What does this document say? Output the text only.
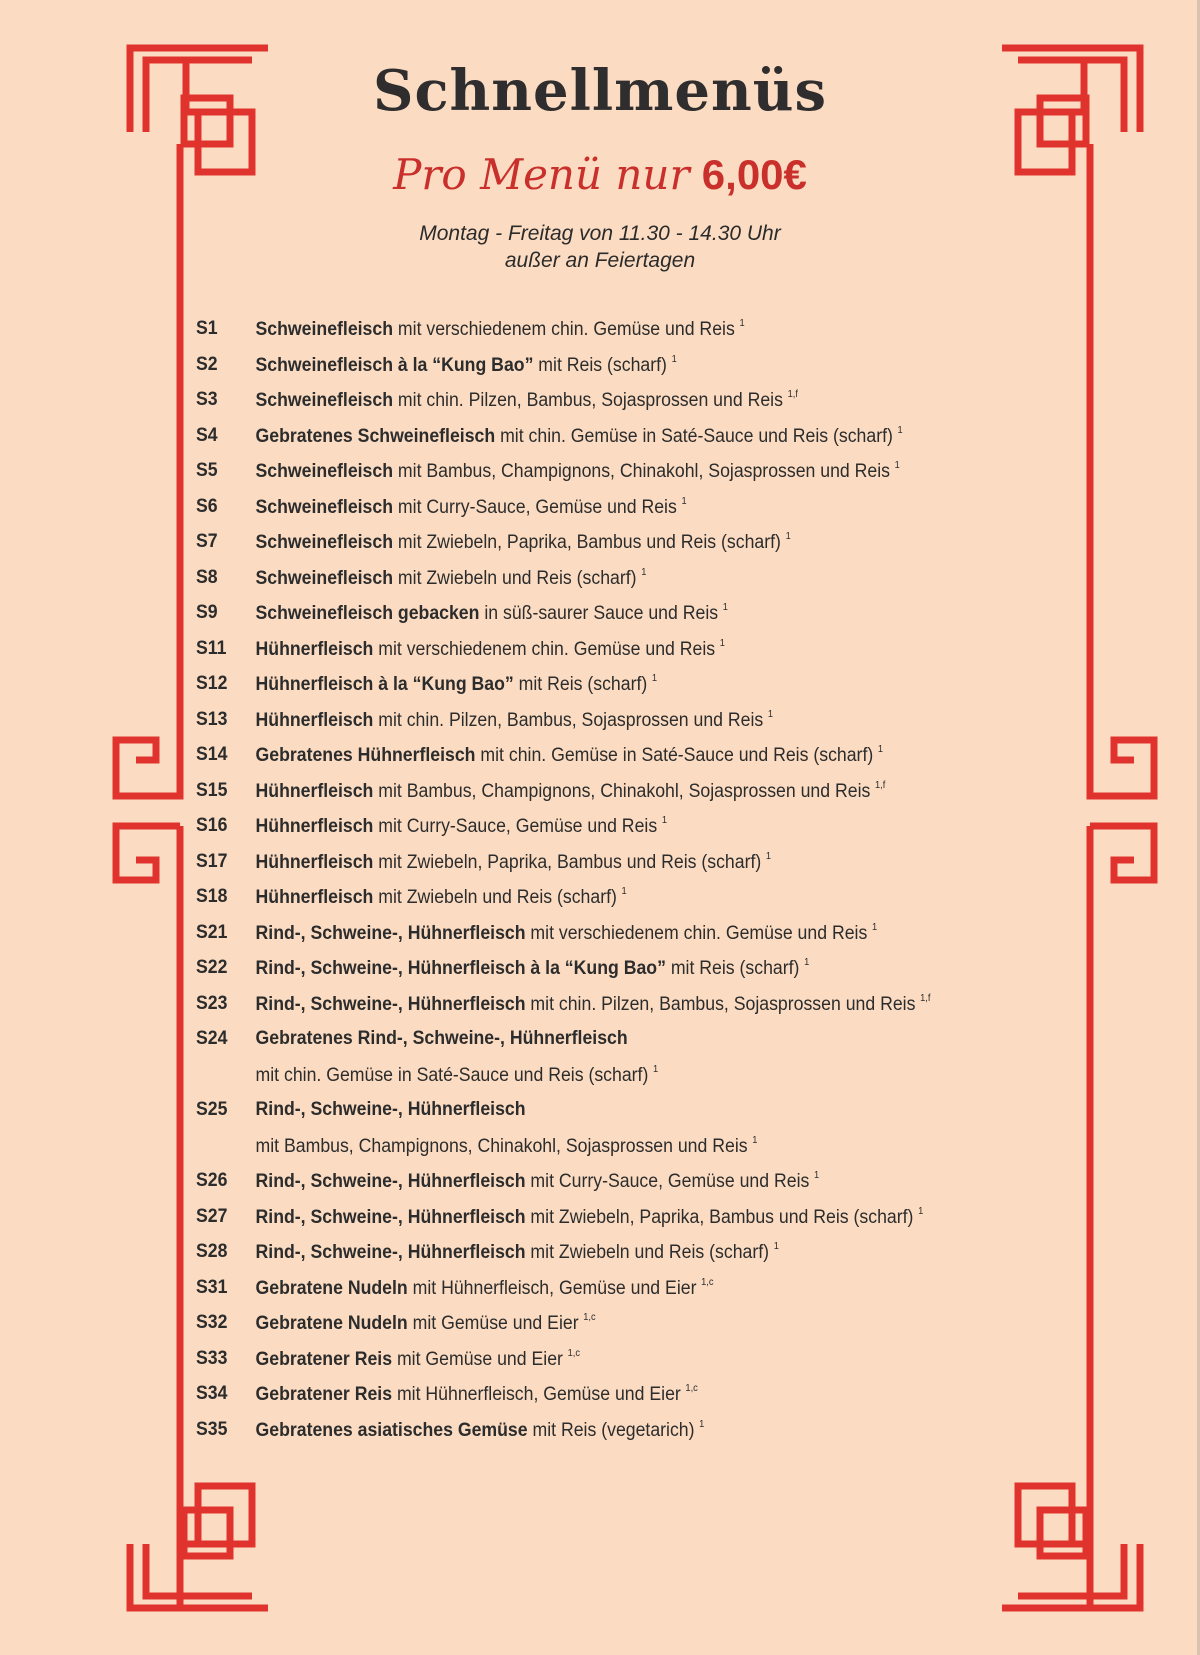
Schnellmenüs
Pro Menü nur 6,00€
Montag - Freitag von 11.30 - 14.30 Uhr
außer an Feiertagen
S1	Schweinefleisch mit verschiedenem chin. Gemüse und Reis $^1$
S2	Schweinefleisch à la “Kung Bao” mit Reis (scharf) $^1$
S3	Schweinefleisch mit chin. Pilzen, Bambus, Sojasprossen und Reis $^{1,f}$
S4	Gebratenes Schweinefleisch mit chin. Gemüse in Saté-Sauce und Reis (scharf) $^1$
S5	Schweinefleisch mit Bambus, Champignons, Chinakohl, Sojasprossen und Reis $^1$
S6	Schweinefleisch mit Curry-Sauce, Gemüse und Reis $^1$
S7	Schweinefleisch mit Zwiebeln, Paprika, Bambus und Reis (scharf) $^1$
S8	Schweinefleisch mit Zwiebeln und Reis (scharf) $^1$
S9	Schweinefleisch gebacken in süß-saurer Sauce und Reis $^1$
S11	Hühnerfleisch mit verschiedenem chin. Gemüse und Reis $^1$
S12	Hühnerfleisch à la “Kung Bao” mit Reis (scharf) $^1$
S13	Hühnerfleisch mit chin. Pilzen, Bambus, Sojasprossen und Reis $^1$
S14	Gebratenes Hühnerfleisch mit chin. Gemüse in Saté-Sauce und Reis (scharf) $^1$
S15	Hühnerfleisch mit Bambus, Champignons, Chinakohl, Sojasprossen und Reis $^{1,f}$
S16	Hühnerfleisch mit Curry-Sauce, Gemüse und Reis $^1$
S17	Hühnerfleisch mit Zwiebeln, Paprika, Bambus und Reis (scharf) $^1$
S18	Hühnerfleisch mit Zwiebeln und Reis (scharf) $^1$
S21	Rind-, Schweine-, Hühnerfleisch mit verschiedenem chin. Gemüse und Reis $^1$
S22	Rind-, Schweine-, Hühnerfleisch à la “Kung Bao” mit Reis (scharf) $^1$
S23	Rind-, Schweine-, Hühnerfleisch mit chin. Pilzen, Bambus, Sojasprossen und Reis $^{1,f}$
S24	Gebratenes Rind-, Schweine-, Hühnerfleisch
mit chin. Gemüse in Saté-Sauce und Reis (scharf) $^1$
S25	Rind-, Schweine-, Hühnerfleisch
mit Bambus, Champignons, Chinakohl, Sojasprossen und Reis $^1$
S26	Rind-, Schweine-, Hühnerfleisch mit Curry-Sauce, Gemüse und Reis $^1$
S27	Rind-, Schweine-, Hühnerfleisch mit Zwiebeln, Paprika, Bambus und Reis (scharf) $^1$
S28	Rind-, Schweine-, Hühnerfleisch mit Zwiebeln und Reis (scharf) $^1$
S31	Gebratene Nudeln mit Hühnerfleisch, Gemüse und Eier $^{1,c}$
S32	Gebratene Nudeln mit Gemüse und Eier $^{1,c}$
S33	Gebratener Reis mit Gemüse und Eier $^{1,c}$
S34	Gebratener Reis mit Hühnerfleisch, Gemüse und Eier $^{1,c}$
S35	Gebratenes asiatisches Gemüse mit Reis (vegetarich) $^1$
